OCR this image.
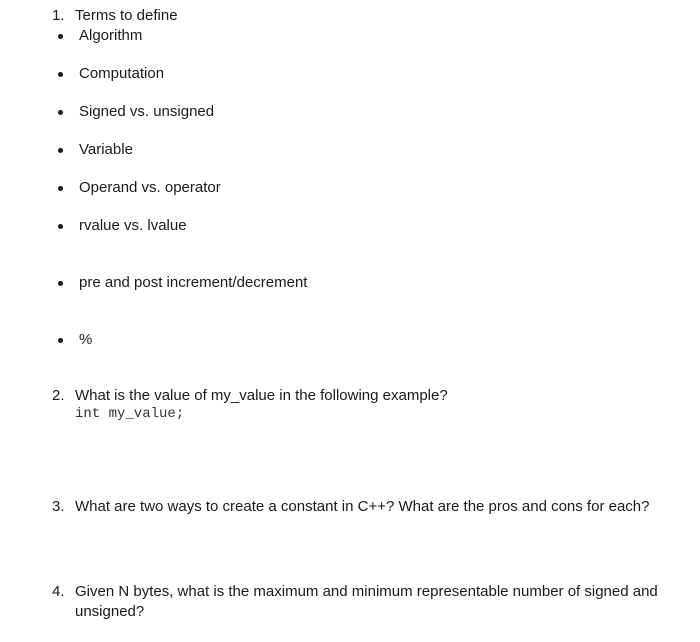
1. Terms to define
Algorithm
Computation
Signed vs. unsigned
Variable
Operand vs. operator
rvalue vs. lvalue
pre and post increment/decrement
%
2. What is the value of my_value in the following example?
int my_value;
3. What are two ways to create a constant in C++? What are the pros and cons for each?
4. Given N bytes, what is the maximum and minimum representable number of signed and unsigned?
